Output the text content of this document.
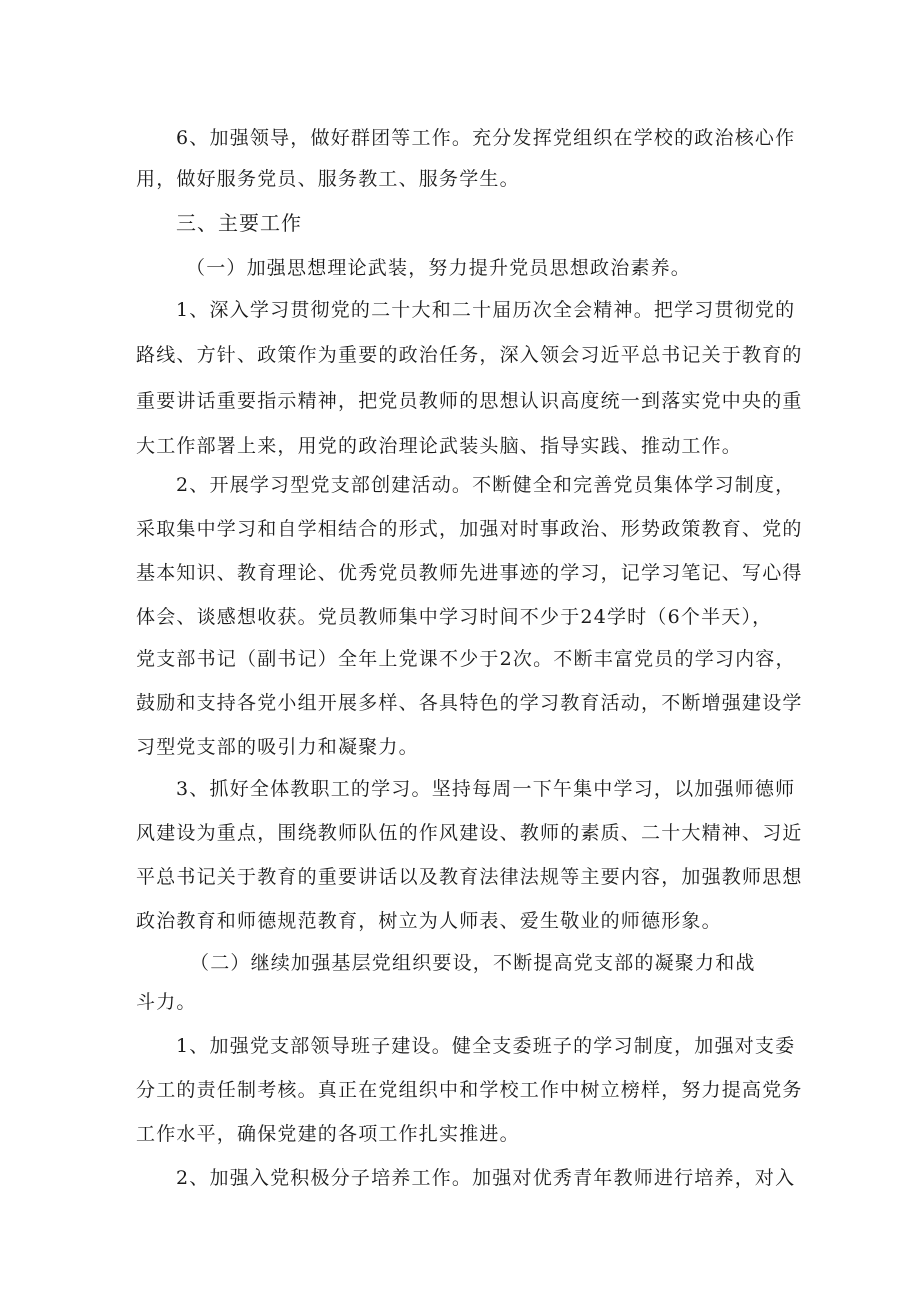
6、加强领导，做好群团等工作。充分发挥党组织在学校的政治核心作
用，做好服务党员、服务教工、服务学生。
三、主要工作
（一）加强思想理论武装，努力提升党员思想政治素养。
1、深入学习贯彻党的二十大和二十届历次全会精神。把学习贯彻党的
路线、方针、政策作为重要的政治任务，深入领会习近平总书记关于教育的
重要讲话重要指示精神，把党员教师的思想认识高度统一到落实党中央的重
大工作部署上来，用党的政治理论武装头脑、指导实践、推动工作。
2、开展学习型党支部创建活动。不断健全和完善党员集体学习制度，
采取集中学习和自学相结合的形式，加强对时事政治、形势政策教育、党的
基本知识、教育理论、优秀党员教师先进事迹的学习，记学习笔记、写心得
体会、谈感想收获。党员教师集中学习时间不少于24学时（6个半天），
党支部书记（副书记）全年上党课不少于2次。不断丰富党员的学习内容，
鼓励和支持各党小组开展多样、各具特色的学习教育活动，不断增强建设学
习型党支部的吸引力和凝聚力。
3、抓好全体教职工的学习。坚持每周一下午集中学习，以加强师德师
风建设为重点，围绕教师队伍的作风建设、教师的素质、二十大精神、习近
平总书记关于教育的重要讲话以及教育法律法规等主要内容，加强教师思想
政治教育和师德规范教育，树立为人师表、爱生敬业的师德形象。
（二）继续加强基层党组织要设，不断提高党支部的凝聚力和战
斗力。
1、加强党支部领导班子建设。健全支委班子的学习制度，加强对支委
分工的责任制考核。真正在党组织中和学校工作中树立榜样，努力提高党务
工作水平，确保党建的各项工作扎实推进。
2、加强入党积极分子培养工作。加强对优秀青年教师进行培养，对入
